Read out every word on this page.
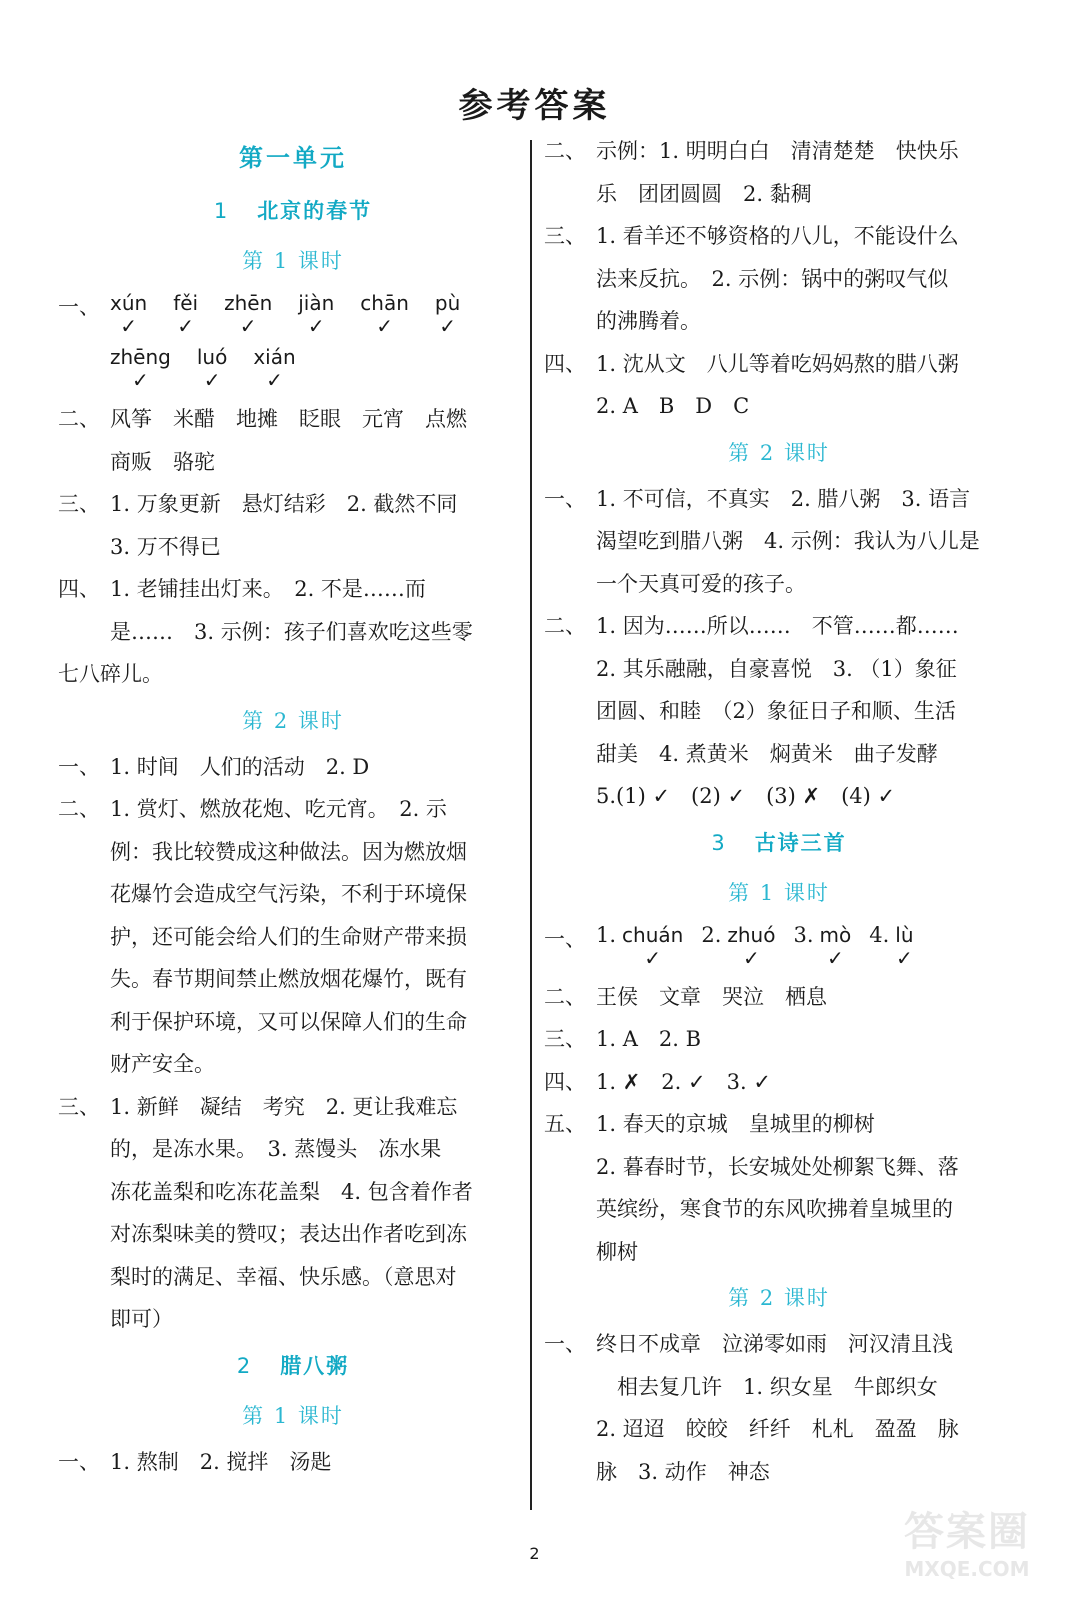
参考答案
第一单元
1 北京的春节
第 1 课时
一、 xún
✓
fěi
✓
zhēn
✓
jiàn
✓
chān
✓
pù
✓
zhēng
✓
luó
✓
xián
✓
二、 风筝　米醋　地摊　眨眼　元宵　点燃
商贩　骆驼
三、 1. 万象更新　悬灯结彩　2. 截然不同
3. 万不得已
四、 1. 老铺挂出灯来。　2. 不是……而
是……　3. 示例：孩子们喜欢吃这些零
七八碎儿。
第 2 课时
一、 1. 时间　人们的活动　2. D
二、 1. 赏灯、燃放花炮、吃元宵。　2. 示
例：我比较赞成这种做法。因为燃放烟
花爆竹会造成空气污染，不利于环境保
护，还可能会给人们的生命财产带来损
失。春节期间禁止燃放烟花爆竹，既有
利于保护环境，又可以保障人们的生命
财产安全。
三、 1. 新鲜　凝结　考究　2. 更让我难忘
的，是冻水果。　3. 蒸馒头　冻水果
冻花盖梨和吃冻花盖梨　4. 包含着作者
对冻梨味美的赞叹；表达出作者吃到冻
梨时的满足、幸福、快乐感。（意思对
即可）
2 腊八粥
第 1 课时
一、 1. 熬制　2. 搅拌　汤匙
二、 示例：1. 明明白白　清清楚楚　快快乐
乐　团团圆圆　2. 黏稠
三、 1. 看羊还不够资格的八儿，不能设什么
法来反抗。　2. 示例：锅中的粥叹气似
的沸腾着。
四、 1. 沈从文　八儿等着吃妈妈熬的腊八粥
2. A　B　D　C
第 2 课时
一、 1. 不可信，不真实　2. 腊八粥　3. 语言
渴望吃到腊八粥　4. 示例：我认为八儿是
一个天真可爱的孩子。
二、 1. 因为……所以……　不管……都……
2. 其乐融融，自豪喜悦　3. （1）象征
团圆、和睦　（2）象征日子和顺、生活
甜美　4. 煮黄米　焖黄米　曲子发酵
5.(1) ✓　(2) ✓　(3) ✗　(4) ✓
3 古诗三首
第 1 课时
一、 1. chuán
✓
2. zhuó
✓
3. mò
✓
4. lù
✓
二、 王侯　文章　哭泣　栖息
三、 1. A　2. B
四、 1. ✗　2. ✓　3. ✓
五、 1. 春天的京城　皇城里的柳树
2. 暮春时节，长安城处处柳絮飞舞、落
英缤纷，寒食节的东风吹拂着皇城里的
柳树
第 2 课时
一、 终日不成章　泣涕零如雨　河汉清且浅
　相去复几许　1. 织女星　牛郎织女
2. 迢迢　皎皎　纤纤　札札　盈盈　脉
脉　3. 动作　神态
2	答案圈
MXQE.COM
